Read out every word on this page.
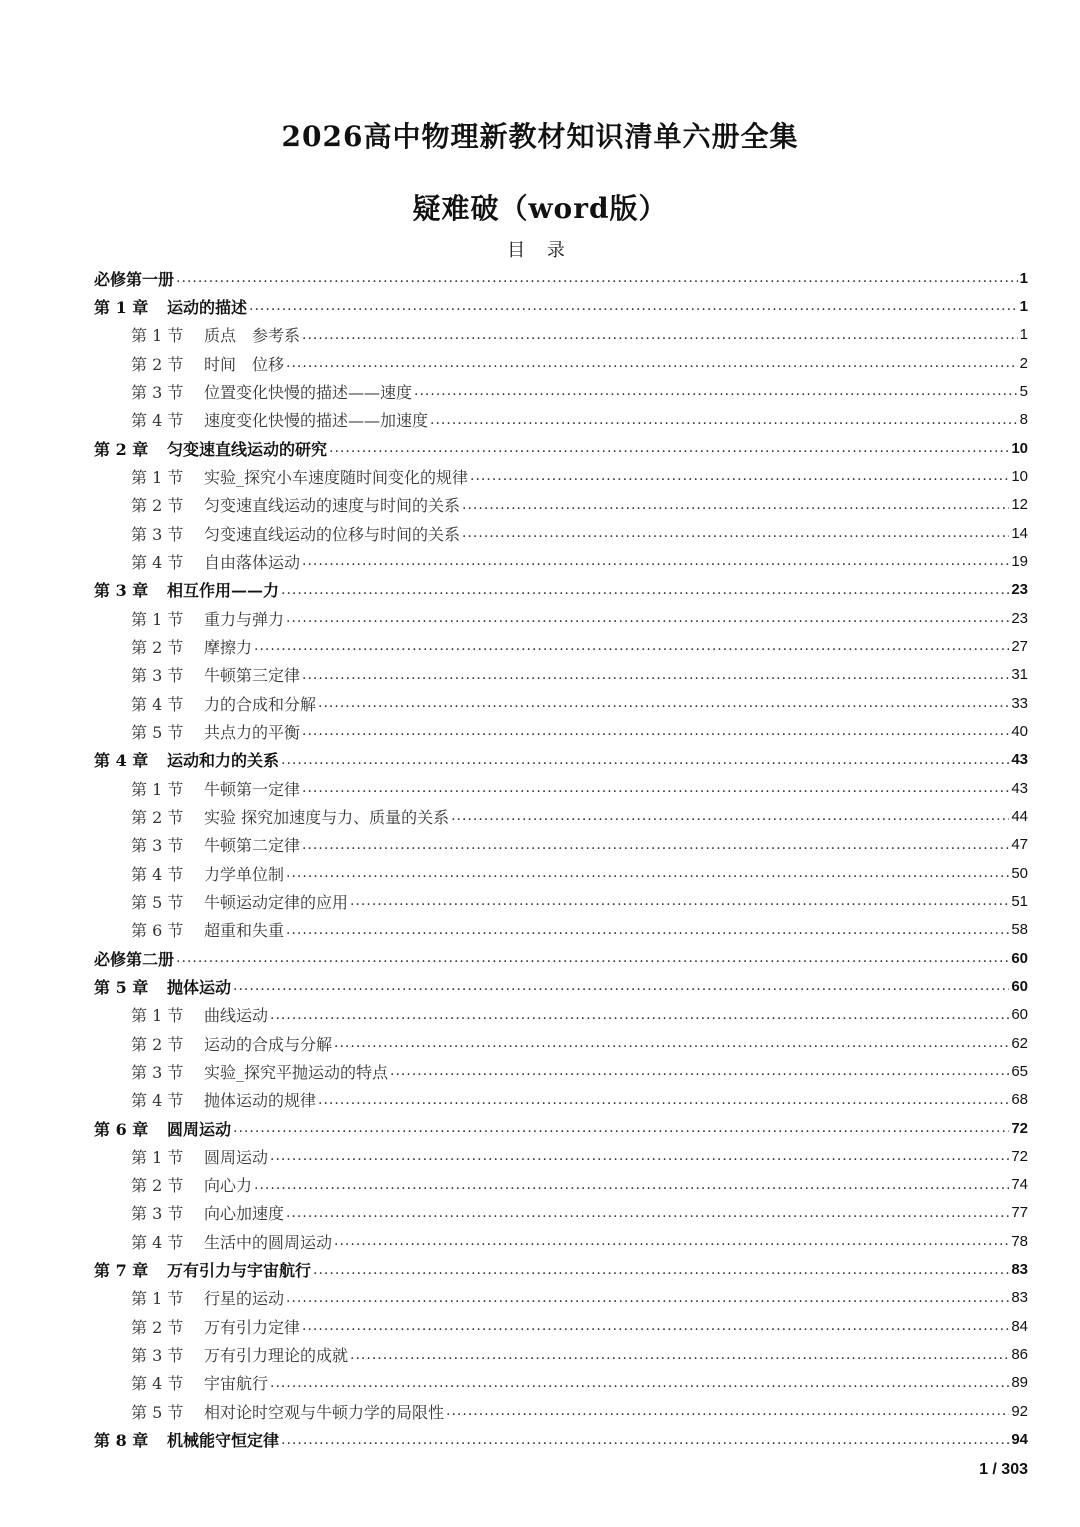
2026高中物理新教材知识清单六册全集
疑难破（word版）
目 录
必修第一册 .....	1
第 1 章	运动的描述 .....	1
第 1 节	质点　参考系 .....	1
第 2 节	时间　位移 .....	2
第 3 节	位置变化快慢的描述——速度 .....	5
第 4 节	速度变化快慢的描述——加速度 .....	8
第 2 章	匀变速直线运动的研究 .....	10
第 1 节	实验_探究小车速度随时间变化的规律 .....	10
第 2 节	匀变速直线运动的速度与时间的关系 .....	12
第 3 节	匀变速直线运动的位移与时间的关系 .....	14
第 4 节	自由落体运动 .....	19
第 3 章	相互作用——力 .....	23
第 1 节	重力与弹力 .....	23
第 2 节	摩擦力 .....	27
第 3 节	牛顿第三定律 .....	31
第 4 节	力的合成和分解 .....	33
第 5 节	共点力的平衡 .....	40
第 4 章	运动和力的关系 .....	43
第 1 节	牛顿第一定律 .....	43
第 2 节	实验 探究加速度与力、质量的关系 .....	44
第 3 节	牛顿第二定律 .....	47
第 4 节	力学单位制 .....	50
第 5 节	牛顿运动定律的应用 .....	51
第 6 节	超重和失重 .....	58
必修第二册 .....	60
第 5 章	抛体运动 .....	60
第 1 节	曲线运动 .....	60
第 2 节	运动的合成与分解 .....	62
第 3 节	实验_探究平抛运动的特点 .....	65
第 4 节	抛体运动的规律 .....	68
第 6 章	圆周运动 .....	72
第 1 节	圆周运动 .....	72
第 2 节	向心力 .....	74
第 3 节	向心加速度 .....	77
第 4 节	生活中的圆周运动 .....	78
第 7 章	万有引力与宇宙航行 .....	83
第 1 节	行星的运动 .....	83
第 2 节	万有引力定律 .....	84
第 3 节	万有引力理论的成就 .....	86
第 4 节	宇宙航行 .....	89
第 5 节	相对论时空观与牛顿力学的局限性 .....	92
第 8 章	机械能守恒定律 .....	94
1 / 303
